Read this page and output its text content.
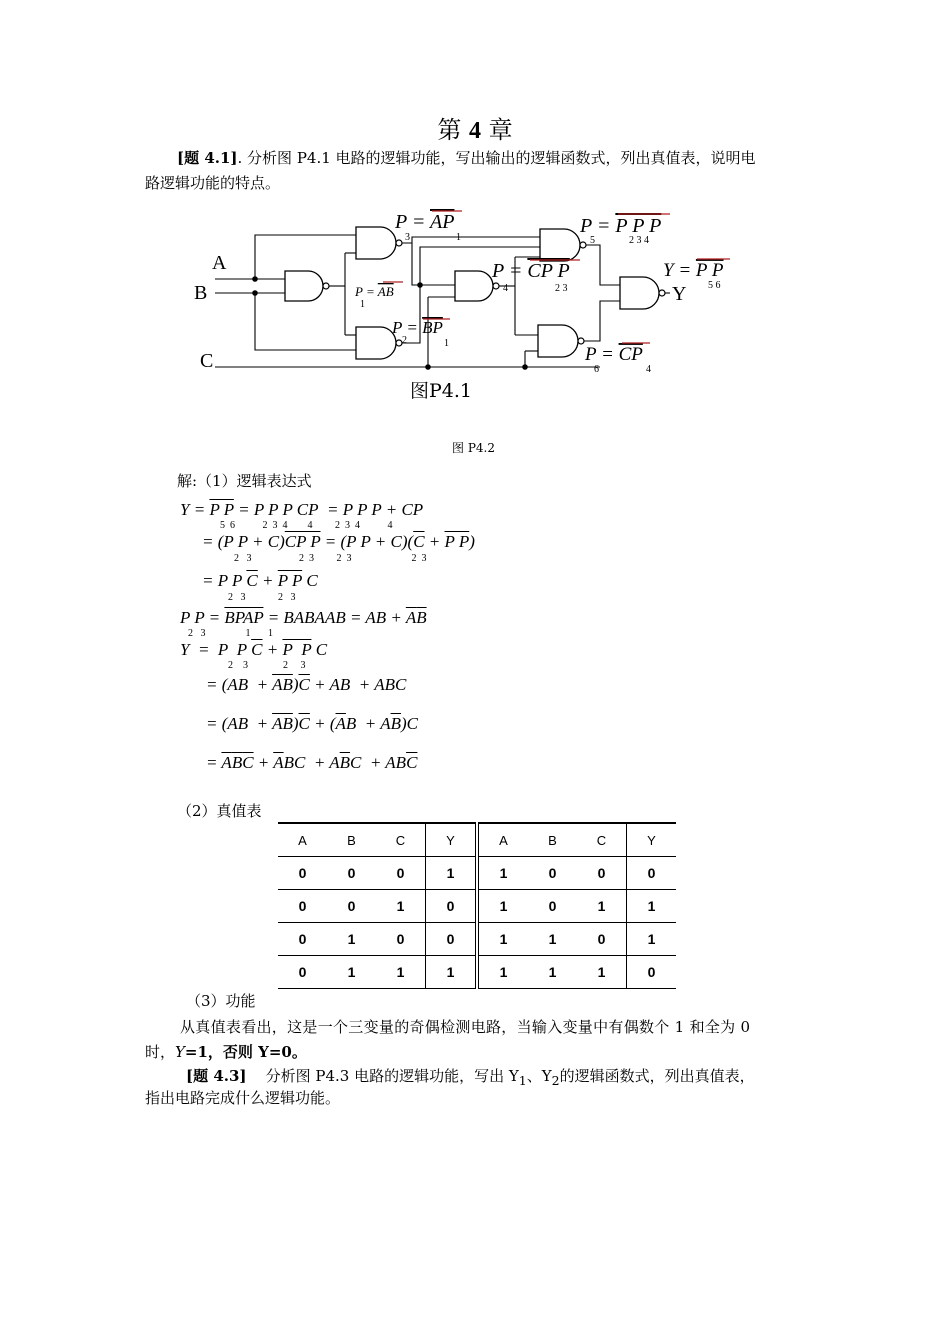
第 4 章
[题 4.1]. 分析图 P4.1 电路的逻辑功能，写出输出的逻辑函数式，列出真值表，说明电
路逻辑功能的特点。
A
B
C
P = AP
3	1
P = AB
1
P = BP
2	1
P = CP P
4	2 3
P = P P P
5	2 3 4
P = CP
6	4
Y = P P
5 6
Y
图P4.1
图 P4.2
解:（1）逻辑表达式
Y = P P = P P P CP  = P P P + CP
5  6           2  3  4        4         2  3  4           4
= (P P + C)CP P = (P $P + C)(\overline{C} + P$ P)
2   3                   2  3         2  3                        2  3
= P P $\overline{C} + P$ P C
2   3             2   3
P $P = \overline{BP}\overline{AP}$ = BABAAB = AB + $\overline{A}\overline{B}$
2   3                1       1
Y  =  P  P $\overline{C} + P$  P C
2    3              2     3
= $(AB + \overline{A}\overline{B})\overline{C}$ + AB  + ABC
= $(AB + \overline{A}\overline{B})\overline{C} + (\overline{A}B + A\overline{B})C$
= $\overline{A}\overline{B}\overline{C} + \overline{A}BC + A\overline{B}C + AB\overline{C}$
（2）真值表
A	B	C	Y	A	B	C	Y
0	0	0	1	1	0	0	0
0	0	1	0	1	0	1	1
0	1	0	0	1	1	0	1
0	1	1	1	1	1	1	0
（3）功能
从真值表看出，这是一个三变量的奇偶检测电路，当输入变量中有偶数个 1 和全为 0
时，Y=1，否则 Y=0。
[题 4.3] 分析图 P4.3 电路的逻辑功能，写出 $Y_1$、$Y_2$的逻辑函数式，列出真值表，
指出电路完成什么逻辑功能。
